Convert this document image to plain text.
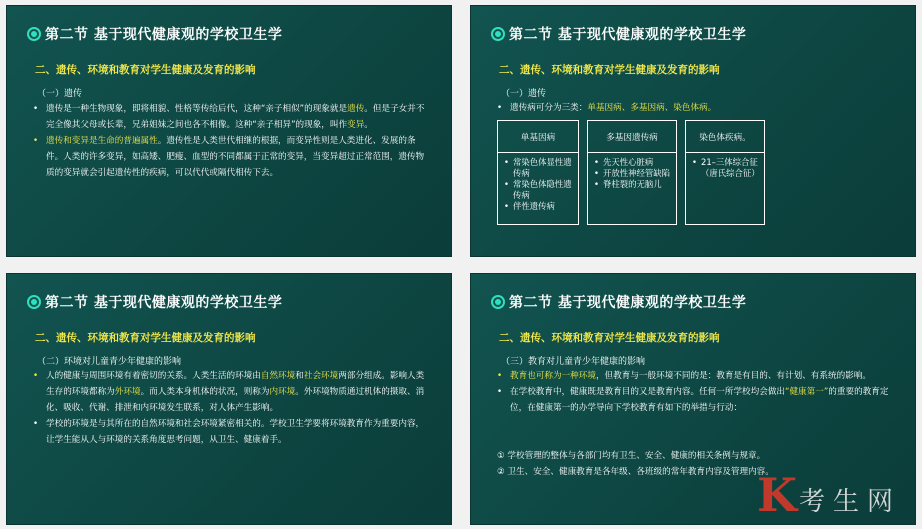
第二节 基于现代健康观的学校卫生学
二、遗传、环境和教育对学生健康及发育的影响
（一）遗传
• 遗传是一种生物现象，即将相貌、性格等传给后代，这种“亲子相似”的现象就是遗传。但是子女并不完全像其父母或长辈，兄弟姐妹之间也各不相像。这种“亲子相异”的现象，叫作变异。
• 遗传和变异是生命的普遍属性。遗传性是人类世代相继的根据，而变异性则是人类进化、发展的条件。人类的许多变异，如高矮、肥瘦、血型的不同都属于正常的变异，当变异超过正常范围，遗传物质的变异就会引起遗传性的疾病，可以代代或隔代相传下去。
第二节 基于现代健康观的学校卫生学
二、遗传、环境和教育对学生健康及发育的影响
（一）遗传
• 遗传病可分为三类：单基因病、多基因病、染色体病。
单基因病
• 常染色体显性遗传病
• 常染色体隐性遗传病
• 伴性遗传病
多基因遗传病
• 先天性心脏病
• 开放性神经管缺陷
• 脊柱裂的无脑儿
染色体疾病。
• 21–三体综合征（唐氏综合征）
第二节 基于现代健康观的学校卫生学
二、遗传、环境和教育对学生健康及发育的影响
（二）环境对儿童青少年健康的影响
• 人的健康与周围环境有着密切的关系。人类生活的环境由自然环境和社会环境两部分组成。影响人类生存的环境都称为外环境。而人类本身机体的状况，则称为内环境。外环境物质通过机体的摄取、消化、吸收、代谢、排泄和内环境发生联系，对人体产生影响。
• 学校的环境是与其所在的自然环境和社会环境紧密相关的。学校卫生学要将环境教育作为重要内容，让学生能从人与环境的关系角度思考问题，从卫生、健康着手。
第二节 基于现代健康观的学校卫生学
二、遗传、环境和教育对学生健康及发育的影响
（三）教育对儿童青少年健康的影响
• 教育也可称为一种环境，但教育与一般环境不同的是：教育是有目的、有计划、有系统的影响。
• 在学校教育中，健康既是教育目的又是教育内容。任何一所学校均会做出“健康第一”的重要的教育定位，在健康第一的办学导向下学校教育有如下的举措与行动：
① 学校管理的整体与各部门均有卫生、安全、健康的相关条例与规章。
② 卫生、安全、健康教育是各年级、各班级的常年教育内容及管理内容。
K 考生网
